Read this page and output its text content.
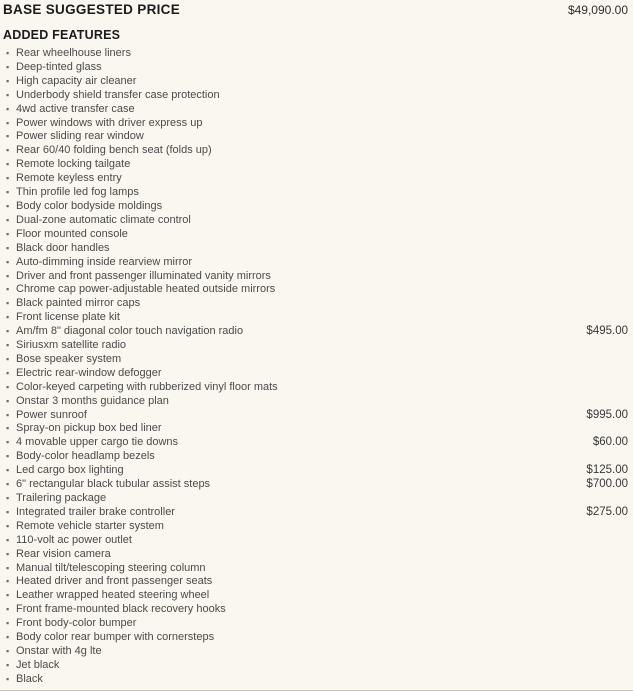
BASE SUGGESTED PRICE	$49,090.00
ADDED FEATURES
▪ Rear wheelhouse liners
▪ Deep-tinted glass
▪ High capacity air cleaner
▪ Underbody shield transfer case protection
▪ 4wd active transfer case
▪ Power windows with driver express up
▪ Power sliding rear window
▪ Rear 60/40 folding bench seat (folds up)
▪ Remote locking tailgate
▪ Remote keyless entry
▪ Thin profile led fog lamps
▪ Body color bodyside moldings
▪ Dual-zone automatic climate control
▪ Floor mounted console
▪ Black door handles
▪ Auto-dimming inside rearview mirror
▪ Driver and front passenger illuminated vanity mirrors
▪ Chrome cap power-adjustable heated outside mirrors
▪ Black painted mirror caps
▪ Front license plate kit
▪ Am/fm 8" diagonal color touch navigation radio	$495.00
▪ Siriusxm satellite radio
▪ Bose speaker system
▪ Electric rear-window defogger
▪ Color-keyed carpeting with rubberized vinyl floor mats
▪ Onstar 3 months guidance plan
▪ Power sunroof	$995.00
▪ Spray-on pickup box bed liner
▪ 4 movable upper cargo tie downs	$60.00
▪ Body-color headlamp bezels
▪ Led cargo box lighting	$125.00
▪ 6" rectangular black tubular assist steps	$700.00
▪ Trailering package
▪ Integrated trailer brake controller	$275.00
▪ Remote vehicle starter system
▪ 110-volt ac power outlet
▪ Rear vision camera
▪ Manual tilt/telescoping steering column
▪ Heated driver and front passenger seats
▪ Leather wrapped heated steering wheel
▪ Front frame-mounted black recovery hooks
▪ Front body-color bumper
▪ Body color rear bumper with cornersteps
▪ Onstar with 4g lte
▪ Jet black
▪ Black
